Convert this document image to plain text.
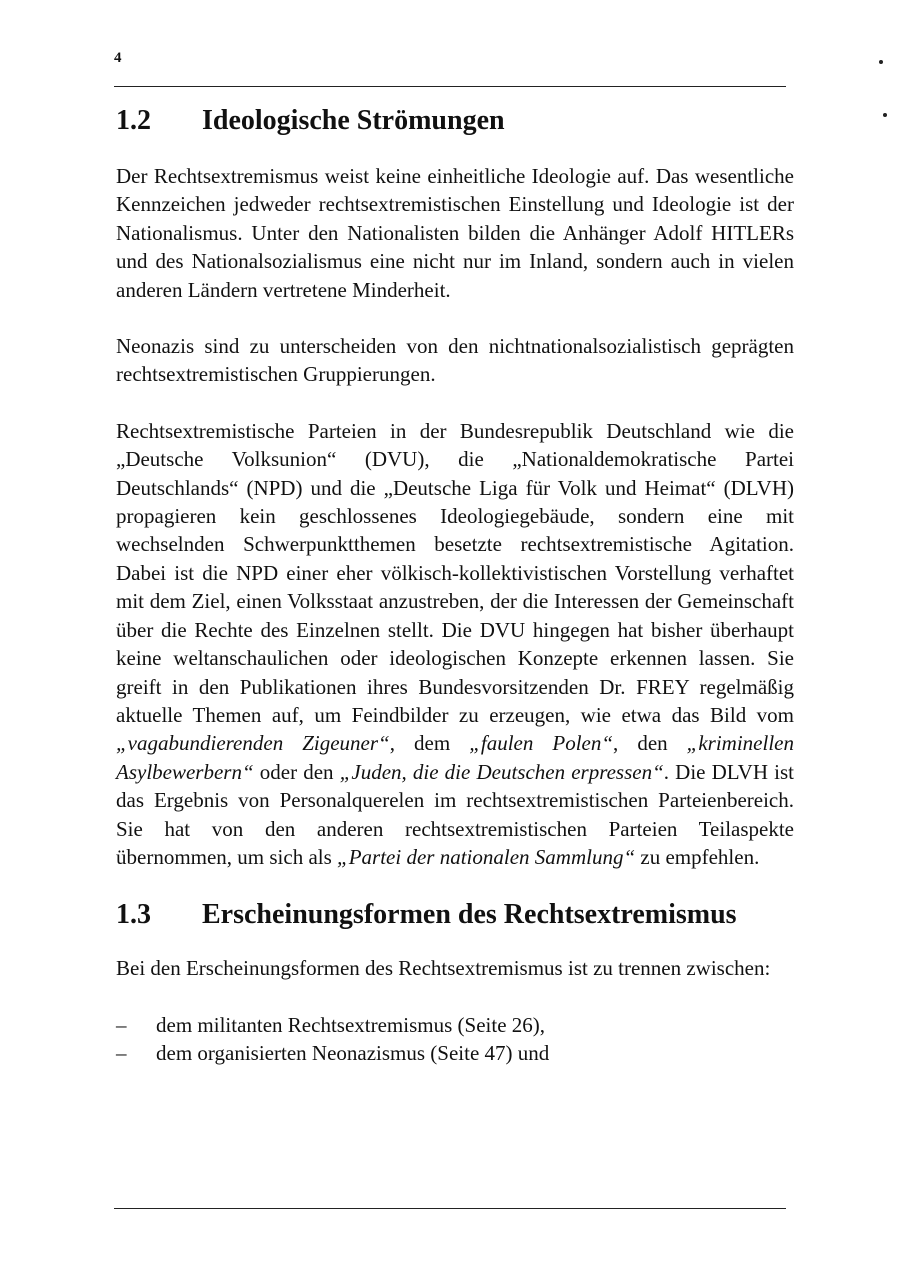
4
1.2 Ideologische Strömungen

Der Rechtsextremismus weist keine einheitliche Ideologie auf. Das wesentliche Kennzeichen jedweder rechtsextremistischen Einstellung und Ideologie ist der Nationalismus. Unter den Nationalisten bilden die Anhänger Adolf HITLERs und des Nationalsozialismus eine nicht nur im Inland, sondern auch in vielen anderen Ländern vertretene Minderheit.

Neonazis sind zu unterscheiden von den nichtnationalsozialistisch geprägten rechtsextremistischen Gruppierungen.

Rechtsextremistische Parteien in der Bundesrepublik Deutschland wie die „Deutsche Volksunion“ (DVU), die „Nationaldemokratische Partei Deutschlands“ (NPD) und die „Deutsche Liga für Volk und Heimat“ (DLVH) propagieren kein geschlossenes Ideologiegebäude, sondern eine mit wechselnden Schwerpunktthemen besetzte rechtsextremistische Agitation. Dabei ist die NPD einer eher völkisch-kollektivistischen Vorstellung verhaftet mit dem Ziel, einen Volksstaat anzustreben, der die Interessen der Gemeinschaft über die Rechte des Einzelnen stellt. Die DVU hingegen hat bisher überhaupt keine weltanschaulichen oder ideologischen Konzepte erkennen lassen. Sie greift in den Publikationen ihres Bundesvorsitzenden Dr. FREY regelmäßig aktuelle Themen auf, um Feindbilder zu erzeugen, wie etwa das Bild vom „vagabundierenden Zigeuner“, dem „faulen Polen“, den „kriminellen Asylbewerbern“ oder den „Juden, die die Deutschen erpressen“. Die DLVH ist das Ergebnis von Personalquerelen im rechtsextremistischen Parteienbereich. Sie hat von den anderen rechtsextremistischen Parteien Teilaspekte übernommen, um sich als „Partei der nationalen Sammlung“ zu empfehlen.

1.3 Erscheinungsformen des Rechtsextremismus

Bei den Erscheinungsformen des Rechtsextremismus ist zu trennen zwischen:

– dem militanten Rechtsextremismus (Seite 26),
– dem organisierten Neonazismus (Seite 47) und
